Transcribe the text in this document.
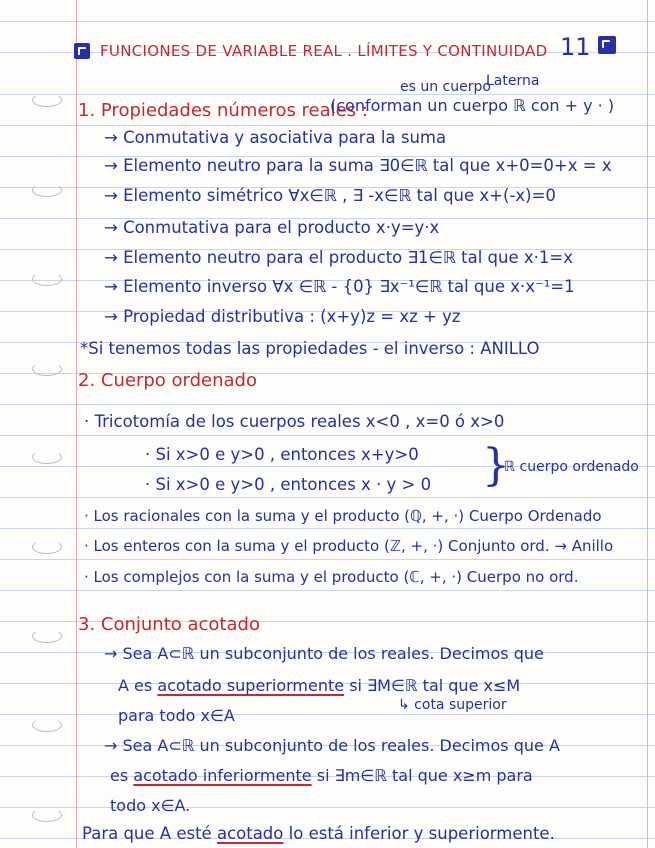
FUNCIONES DE VARIABLE REAL . LÍMITES Y CONTINUIDAD 11
es un cuerpo
Laterna
1. Propiedades números reales :
(conforman un cuerpo ℝ con + y · )
→ Conmutativa y asociativa para la suma
→ Elemento neutro para la suma ∃0∈ℝ tal que x+0=0+x = x
→ Elemento simétrico ∀x∈ℝ , ∃ -x∈ℝ tal que x+(-x)=0
→ Conmutativa para el producto x·y=y·x
→ Elemento neutro para el producto ∃1∈ℝ tal que x·1=x
→ Elemento inverso ∀x ∈ℝ - {0} ∃x⁻¹∈ℝ tal que x·x⁻¹=1
→ Propiedad distributiva : (x+y)z = xz + yz
*Si tenemos todas las propiedades - el inverso : ANILLO
2. Cuerpo ordenado
· Tricotomía de los cuerpos reales x<0 , x=0 ó x>0
· Si x>0 e y>0 , entonces x+y>0
· Si x>0 e y>0 , entonces x · y > 0 }
ℝ cuerpo ordenado
· Los racionales con la suma y el producto (ℚ, +, ·) Cuerpo Ordenado
· Los enteros con la suma y el producto (ℤ, +, ·) Conjunto ord. → Anillo
· Los complejos con la suma y el producto (ℂ, +, ·) Cuerpo no ord.
3. Conjunto acotado
→ Sea A⊂ℝ un subconjunto de los reales. Decimos que
A es acotado superiormente si ∃M∈ℝ tal que x≤M
para todo x∈A
↳ cota superior
→ Sea A⊂ℝ un subconjunto de los reales. Decimos que A
es acotado inferiormente si ∃m∈ℝ tal que x≥m para
todo x∈A.
Para que A esté acotado lo está inferior y superiormente.
